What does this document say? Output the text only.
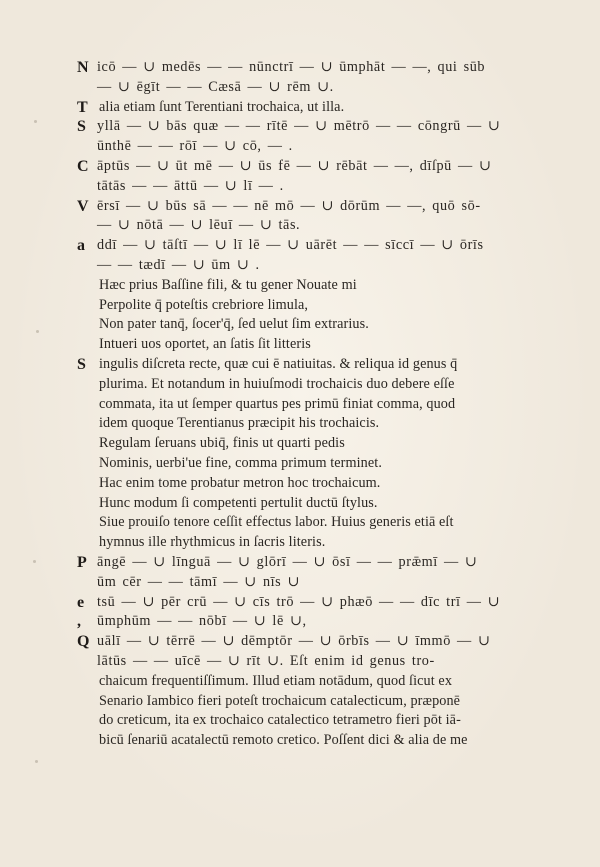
N icō — ∪ medēs — — nūnctrī — ∪ ūmphāt — —, qui sūb
— ∪ ēgīt — — Cæsā — ∪ rēm ∪.
T alia etiam ſunt Terentiani trochaica, ut illa.
S yllā — ∪ bās quæ — — rītē — ∪ mētrō — — cōngrū — ∪
ūnthē — — rōī — ∪ cō, — .
C āptūs — ∪ ūt mē — ∪ ūs fē — ∪ rēbāt — —, dīſpū — ∪
tātās — — āttū — ∪ lī — .
V ērsī — ∪ būs sā — — nē mō — ∪ dōrūm — —, quō sō-
— ∪ nōtā — ∪ lēuī — ∪ tās.
a ddī — ∪ tāſtī — ∪ lī lē — ∪ uārēt — — sīccī — ∪ ōrīs
— — tædī — ∪ ūm ∪ .
Hæc prius Baſſine fili, & tu gener Nouate mi
Perpolite q̄ poteſtis crebriore limula,
Non pater tanq̄, ſocer'q̄, ſed uelut ſim extrarius.
Intueri uos oportet, an ſatis ſit litteris
S ingulis diſcreta recte, quæ cui ē natiuitas. & reliqua id genus q̄
plurima. Et notandum in huiuſmodi trochaicis duo debere eſſe
commata, ita ut ſemper quartus pes primū finiat comma, quod
idem quoque Terentianus præcipit his trochaicis.
Regulam ſeruans ubiq̄, finis ut quarti pedis
Nominis, uerbi'ue fine, comma primum terminet.
Hac enim tome probatur metron hoc trochaicum.
Hunc modum ſi competenti pertulit ductū ſtylus.
Siue prouiſo tenore ceſſit effectus labor. Huius generis etiā eſt
hymnus ille rhythmicus in ſacris literis.
P āngē — ∪ līnguā — ∪ glōrī — ∪ ōsī — — prǣmī — ∪
ūm cēr — — tāmī — ∪ nīs ∪
e tsū — ∪ pēr crū — ∪ cīs trō — ∪ phæō — — dīc trī — ∪
, ūmphūm — — nōbī — ∪ lē ∪,
Q uālī — ∪ tērrē — ∪ dēmptōr — ∪ ōrbīs — ∪ īmmō — ∪
lātūs — — uīcē — ∪ rīt ∪. Eſt enim id genus tro-
chaicum frequentiſſimum. Illud etiam notādum, quod ſicut ex
Senario Iambico fieri poteſt trochaicum catalecticum, præponē
do creticum, ita ex trochaico catalectico tetrametro fieri pōt iā-
bicū ſenariū acatalectū remoto cretico. Poſſent dici & alia de me
